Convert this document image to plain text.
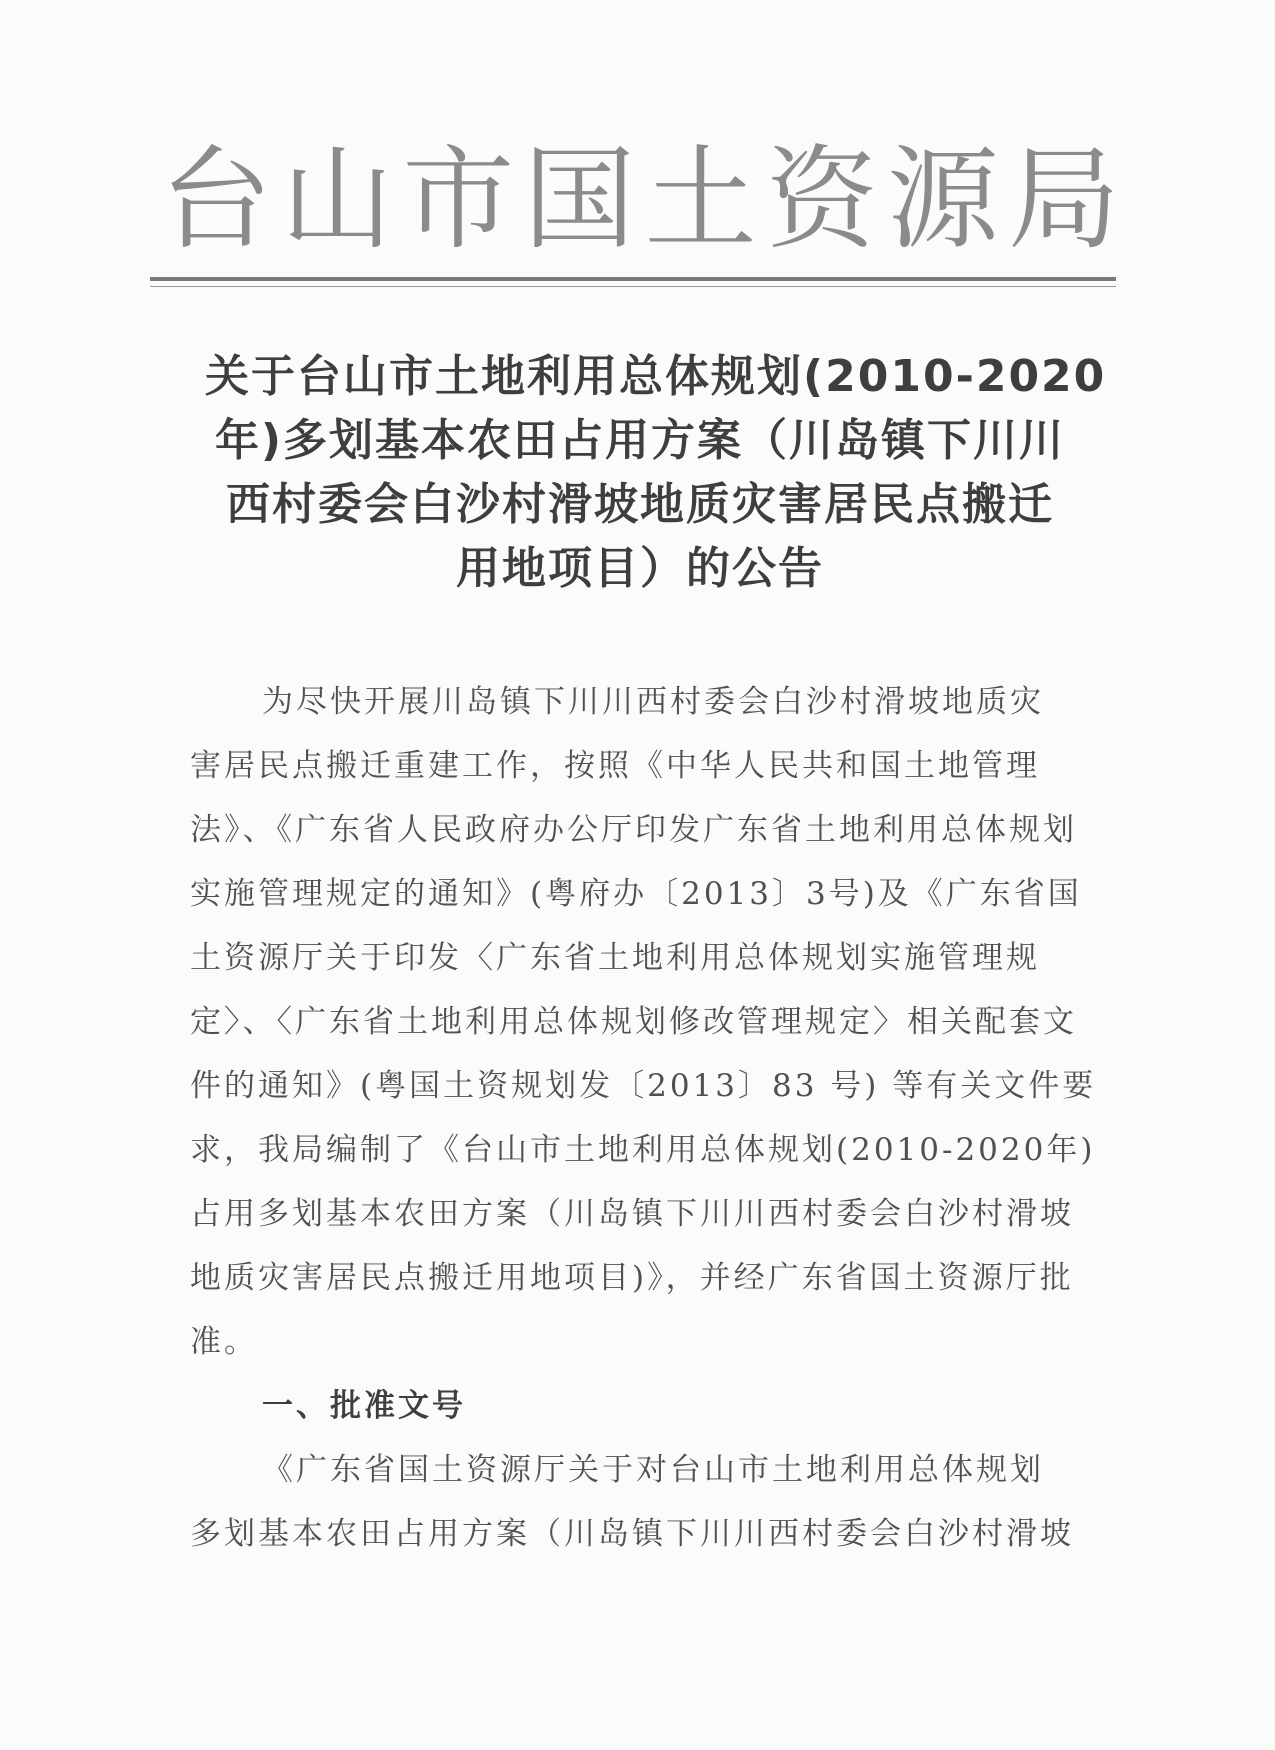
台 山 市 国 土 资 源 局
关于台山市土地利用总体规划(2010-2020
年)多划基本农田占用方案（川岛镇下川川
西村委会白沙村滑坡地质灾害居民点搬迁
用地项目）的公告
为尽快开展川岛镇下川川西村委会白沙村滑坡地质灾
害居民点搬迁重建工作，按照《中华人民共和国土地管理
法》、《广东省人民政府办公厅印发广东省土地利用总体规划
实施管理规定的通知》(粤府办〔2013〕3号)及《广东省国
土资源厅关于印发〈广东省土地利用总体规划实施管理规
定〉、〈广东省土地利用总体规划修改管理规定〉相关配套文
件的通知》(粤国土资规划发〔2013〕83 号) 等有关文件要
求，我局编制了《台山市土地利用总体规划(2010-2020年)
占用多划基本农田方案（川岛镇下川川西村委会白沙村滑坡
地质灾害居民点搬迁用地项目)》，并经广东省国土资源厅批
准。
一、批准文号
《广东省国土资源厅关于对台山市土地利用总体规划
多划基本农田占用方案（川岛镇下川川西村委会白沙村滑坡
